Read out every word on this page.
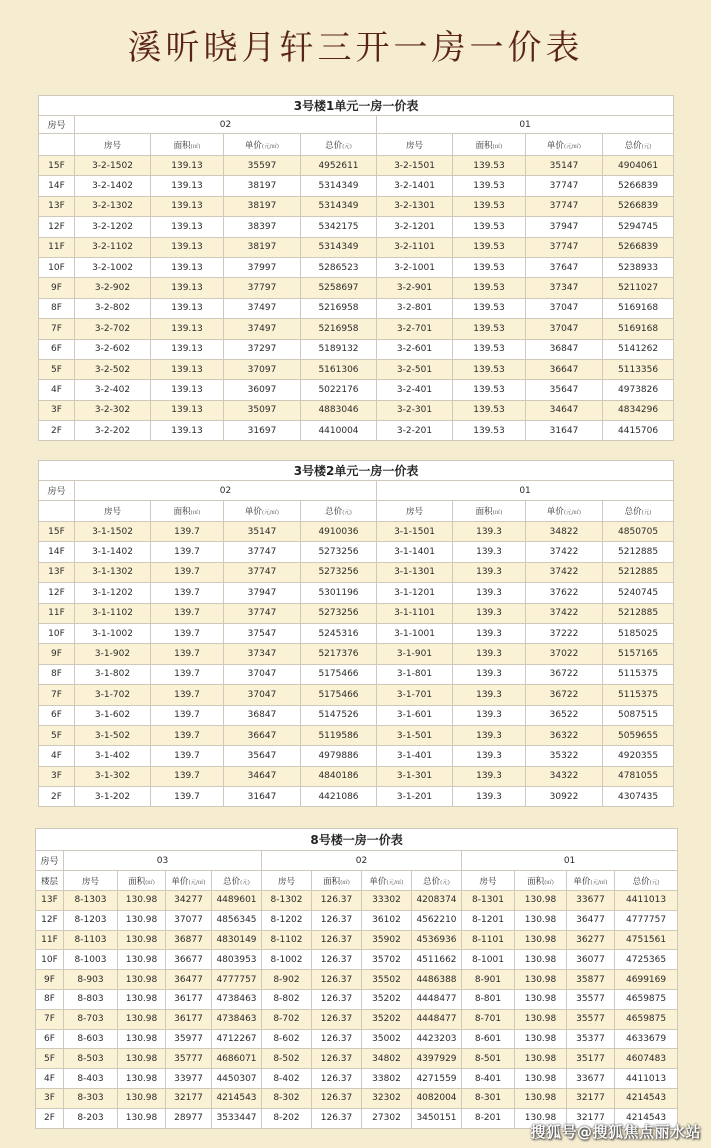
溪听晓月轩三开一房一价表
3号楼1单元一房一价表								
房号	02				01			
	房号	面积(㎡)	单价(元/㎡)	总价(元)	房号	面积(㎡)	单价(元/㎡)	总价(元)
15F	3-2-1502	139.13	35597	4952611	3-2-1501	139.53	35147	4904061
14F	3-2-1402	139.13	38197	5314349	3-2-1401	139.53	37747	5266839
13F	3-2-1302	139.13	38197	5314349	3-2-1301	139.53	37747	5266839
12F	3-2-1202	139.13	38397	5342175	3-2-1201	139.53	37947	5294745
11F	3-2-1102	139.13	38197	5314349	3-2-1101	139.53	37747	5266839
10F	3-2-1002	139.13	37997	5286523	3-2-1001	139.53	37647	5238933
9F	3-2-902	139.13	37797	5258697	3-2-901	139.53	37347	5211027
8F	3-2-802	139.13	37497	5216958	3-2-801	139.53	37047	5169168
7F	3-2-702	139.13	37497	5216958	3-2-701	139.53	37047	5169168
6F	3-2-602	139.13	37297	5189132	3-2-601	139.53	36847	5141262
5F	3-2-502	139.13	37097	5161306	3-2-501	139.53	36647	5113356
4F	3-2-402	139.13	36097	5022176	3-2-401	139.53	35647	4973826
3F	3-2-302	139.13	35097	4883046	3-2-301	139.53	34647	4834296
2F	3-2-202	139.13	31697	4410004	3-2-201	139.53	31647	4415706
3号楼2单元一房一价表								
房号	02				01			
	房号	面积(㎡)	单价(元/㎡)	总价(元)	房号	面积(㎡)	单价(元/㎡)	总价(元)
15F	3-1-1502	139.7	35147	4910036	3-1-1501	139.3	34822	4850705
14F	3-1-1402	139.7	37747	5273256	3-1-1401	139.3	37422	5212885
13F	3-1-1302	139.7	37747	5273256	3-1-1301	139.3	37422	5212885
12F	3-1-1202	139.7	37947	5301196	3-1-1201	139.3	37622	5240745
11F	3-1-1102	139.7	37747	5273256	3-1-1101	139.3	37422	5212885
10F	3-1-1002	139.7	37547	5245316	3-1-1001	139.3	37222	5185025
9F	3-1-902	139.7	37347	5217376	3-1-901	139.3	37022	5157165
8F	3-1-802	139.7	37047	5175466	3-1-801	139.3	36722	5115375
7F	3-1-702	139.7	37047	5175466	3-1-701	139.3	36722	5115375
6F	3-1-602	139.7	36847	5147526	3-1-601	139.3	36522	5087515
5F	3-1-502	139.7	36647	5119586	3-1-501	139.3	36322	5059655
4F	3-1-402	139.7	35647	4979886	3-1-401	139.3	35322	4920355
3F	3-1-302	139.7	34647	4840186	3-1-301	139.3	34322	4781055
2F	3-1-202	139.7	31647	4421086	3-1-201	139.3	30922	4307435
8号楼一房一价表												
房号	03				02				01			
楼层	房号	面积(㎡)	单价(元/㎡)	总价(元)	房号	面积(㎡)	单价(元/㎡)	总价(元)	房号	面积(㎡)	单价(元/㎡)	总价(元)
13F	8-1303	130.98	34277	4489601	8-1302	126.37	33302	4208374	8-1301	130.98	33677	4411013
12F	8-1203	130.98	37077	4856345	8-1202	126.37	36102	4562210	8-1201	130.98	36477	4777757
11F	8-1103	130.98	36877	4830149	8-1102	126.37	35902	4536936	8-1101	130.98	36277	4751561
10F	8-1003	130.98	36677	4803953	8-1002	126.37	35702	4511662	8-1001	130.98	36077	4725365
9F	8-903	130.98	36477	4777757	8-902	126.37	35502	4486388	8-901	130.98	35877	4699169
8F	8-803	130.98	36177	4738463	8-802	126.37	35202	4448477	8-801	130.98	35577	4659875
7F	8-703	130.98	36177	4738463	8-702	126.37	35202	4448477	8-701	130.98	35577	4659875
6F	8-603	130.98	35977	4712267	8-602	126.37	35002	4423203	8-601	130.98	35377	4633679
5F	8-503	130.98	35777	4686071	8-502	126.37	34802	4397929	8-501	130.98	35177	4607483
4F	8-403	130.98	33977	4450307	8-402	126.37	33802	4271559	8-401	130.98	33677	4411013
3F	8-303	130.98	32177	4214543	8-302	126.37	32302	4082004	8-301	130.98	32177	4214543
2F	8-203	130.98	28977	3533447	8-202	126.37	27302	3450151	8-201	130.98	32177	4214543
搜狐号@搜狐焦点丽水站
